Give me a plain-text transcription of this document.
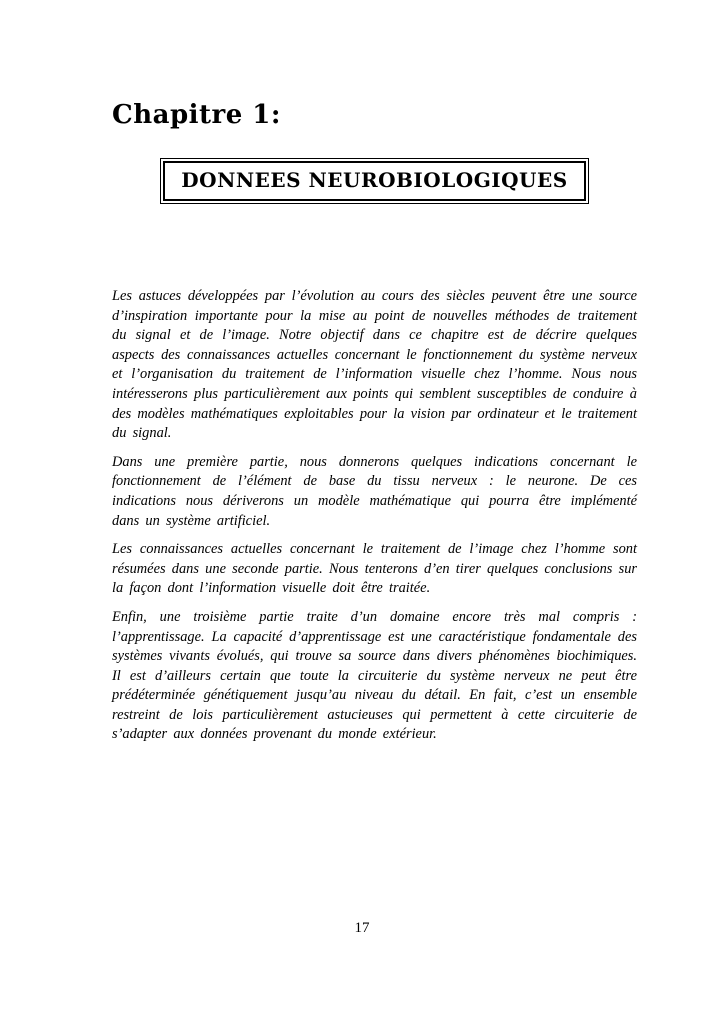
Chapitre 1:
DONNEES NEUROBIOLOGIQUES

Les astuces développées par l’évolution au cours des siècles peuvent être une source d’inspiration importante pour la mise au point de nouvelles méthodes de traitement du signal et de l’image. Notre objectif dans ce chapitre est de décrire quelques aspects des connaissances actuelles concernant le fonctionnement du système nerveux et l’organisation du traitement de l’information visuelle chez l’homme. Nous nous intéresserons plus particulièrement aux points qui semblent susceptibles de conduire à des modèles mathématiques exploitables pour la vision par ordinateur et le traitement du signal.

Dans une première partie, nous donnerons quelques indications concernant le fonctionnement de l’élément de base du tissu nerveux : le neurone. De ces indications nous dériverons un modèle mathématique qui pourra être implémenté dans un système artificiel.

Les connaissances actuelles concernant le traitement de l’image chez l’homme sont résumées dans une seconde partie. Nous tenterons d’en tirer quelques conclusions sur la façon dont l’information visuelle doit être traitée.

Enfin, une troisième partie traite d’un domaine encore très mal compris : l’apprentissage. La capacité d’apprentissage est une caractéristique fondamentale des systèmes vivants évolués, qui trouve sa source dans divers phénomènes biochimiques. Il est d’ailleurs certain que toute la circuiterie du système nerveux ne peut être prédéterminée génétiquement jusqu’au niveau du détail. En fait, c’est un ensemble restreint de lois particulièrement astucieuses qui permettent à cette circuiterie de s’adapter aux données provenant du monde extérieur.

17
